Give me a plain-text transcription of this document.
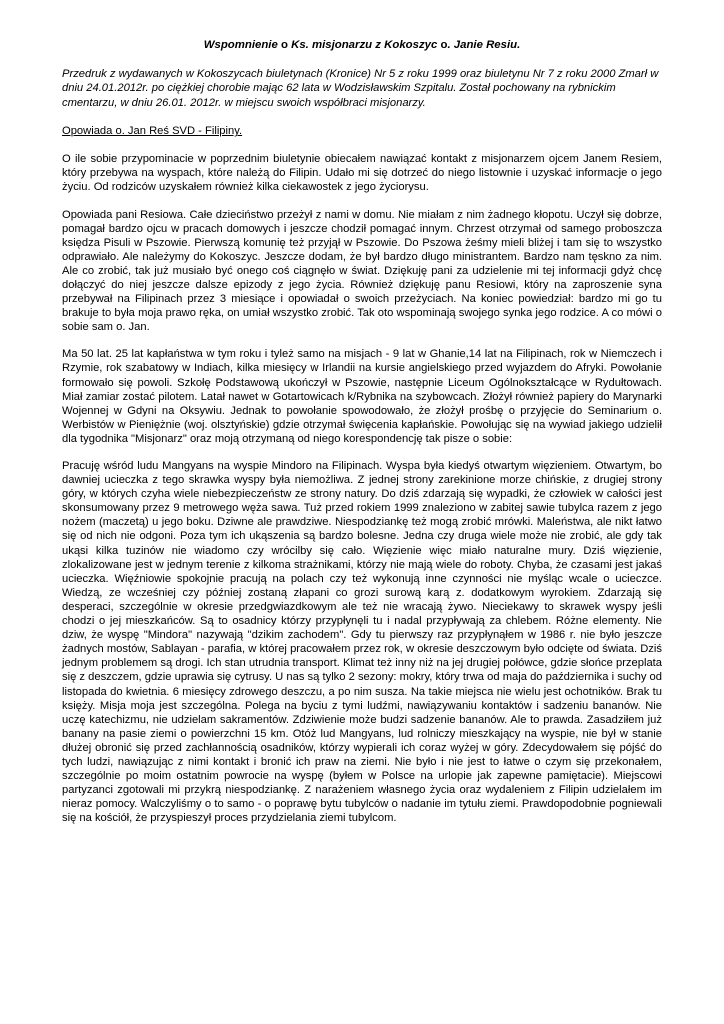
Wspomnienie o Ks. misjonarzu z Kokoszyc o. Janie Resiu.

Przedruk z wydawanych w Kokoszycach biuletynach (Kronice) Nr 5 z roku 1999 oraz biuletynu Nr 7 z roku 2000 Zmarł w dniu 24.01.2012r. po ciężkiej chorobie mając 62 lata w Wodzisławskim Szpitalu. Został pochowany na rybnickim cmentarzu, w dniu 26.01. 2012r. w miejscu swoich współbraci misjonarzy.

Opowiada o. Jan Reś SVD - Filipiny.

O ile sobie przypominacie w poprzednim biuletynie obiecałem nawiązać kontakt z misjonarzem ojcem Janem Resiem, który przebywa na wyspach, które należą do Filipin. Udało mi się dotrzeć do niego listownie i uzyskać informacje o jego życiu. Od rodziców uzyskałem również kilka ciekawostek z jego życiorysu.

Opowiada pani Resiowa. Całe dzieciństwo przeżył z nami w domu. Nie miałam z nim żadnego kłopotu. Uczył się dobrze, pomagał bardzo ojcu w pracach domowych i jeszcze chodził pomagać innym. Chrzest otrzymał od samego proboszcza księdza Pisuli w Pszowie. Pierwszą komunię też przyjął w Pszowie. Do Pszowa żeśmy mieli bliżej i tam się to wszystko odprawiało. Ale należymy do Kokoszyc. Jeszcze dodam, że był bardzo długo ministrantem. Bardzo nam tęskno za nim. Ale co zrobić, tak już musiało być onego coś ciągnęło w świat. Dziękuję pani za udzielenie mi tej informacji gdyż chcę dołączyć do niej jeszcze dalsze epizody z jego życia. Również dziękuję panu Resiowi, który na zaproszenie syna przebywał na Filipinach przez 3 miesiące i opowiadał o swoich przeżyciach. Na koniec powiedział: bardzo mi go tu brakuje to była moja prawo ręka, on umiał wszystko zrobić. Tak oto wspominają swojego synka jego rodzice. A co mówi o sobie sam o. Jan.

Ma 50 lat. 25 lat kapłaństwa w tym roku i tyleż samo na misjach - 9 lat w Ghanie,14 lat na Filipinach, rok w Niemczech i Rzymie, rok szabatowy w Indiach, kilka miesięcy w Irlandii na kursie angielskiego przed wyjazdem do Afryki. Powołanie formowało się powoli. Szkołę Podstawową ukończył w Pszowie, następnie Liceum Ogólnokształcące w Rydułtowach. Miał zamiar zostać pilotem. Latał nawet w Gotartowicach k/Rybnika na szybowcach. Złożył również papiery do Marynarki Wojennej w Gdyni na Oksywiu. Jednak to powołanie spowodowało, że złożył prośbę o przyjęcie do Seminarium o. Werbistów w Pieniężnie (woj. olsztyńskie) gdzie otrzymał święcenia kapłańskie. Powołując się na wywiad jakiego udzielił dla tygodnika "Misjonarz" oraz moją otrzymaną od niego korespondencję tak pisze o sobie:

Pracuję wśród ludu Mangyans na wyspie Mindoro na Filipinach. Wyspa była kiedyś otwartym więzieniem. Otwartym, bo dawniej ucieczka z tego skrawka wyspy była niemożliwa. Z jednej strony zarekinione morze chińskie, z drugiej strony góry, w których czyha wiele niebezpieczeństw ze strony natury. Do dziś zdarzają się wypadki, że człowiek w całości jest skonsumowany przez 9 metrowego węża sawa. Tuż przed rokiem 1999 znaleziono w zabitej sawie tubylca razem z jego nożem (maczetą) u jego boku. Dziwne ale prawdziwe. Niespodziankę też mogą zrobić mrówki. Maleństwa, ale nikt łatwo się od nich nie odgoni. Poza tym ich ukąszenia są bardzo bolesne. Jedna czy druga wiele może nie zrobić, ale gdy tak ukąsi kilka tuzinów nie wiadomo czy wrócilby się cało. Więzienie więc miało naturalne mury. Dziś więzienie, zlokalizowane jest w jednym terenie z kilkoma strażnikami, którzy nie mają wiele do roboty. Chyba, że czasami jest jakaś ucieczka. Więźniowie spokojnie pracują na polach czy też wykonują inne czynności nie myśląc wcale o ucieczce. Wiedzą, ze wcześniej czy później zostaną złapani co grozi surową karą z. dodatkowym wyrokiem. Zdarzają się desperaci, szczególnie w okresie przedgwiazdkowym ale też nie wracają żywo. Nieciekawy to skrawek wyspy jeśli chodzi o jej mieszkańców. Są to osadnicy którzy przypłynęli tu i nadal przypływają za chlebem. Różne elementy. Nie dziw, że wyspę "Mindora" nazywają "dzikim zachodem". Gdy tu pierwszy raz przypłynąłem w 1986 r. nie było jeszcze żadnych mostów, Sablayan - parafia, w której pracowałem przez rok, w okresie deszczowym było odcięte od świata. Dziś jednym problemem są drogi. Ich stan utrudnia transport. Klimat też inny niż na jej drugiej połówce, gdzie słońce przeplata się z deszczem, gdzie uprawia się cytrusy. U nas są tylko 2 sezony: mokry, który trwa od maja do października i suchy od listopada do kwietnia. 6 miesięcy zdrowego deszczu, a po nim susza. Na takie miejsca nie wielu jest ochotników. Brak tu księży. Misja moja jest szczególna. Polega na byciu z tymi ludźmi, nawiązywaniu kontaktów i sadzeniu bananów. Nie uczę katechizmu, nie udzielam sakramentów. Zdziwienie może budzi sadzenie bananów. Ale to prawda. Zasadziłem już banany na pasie ziemi o powierzchni 15 km. Otóż lud Mangyans, lud rolniczy mieszkający na wyspie, nie był w stanie dłużej obronić się przed zachłannością osadników, którzy wypierali ich coraz wyżej w góry. Zdecydowałem się pójść do tych ludzi, nawiązując z nimi kontakt i bronić ich praw na ziemi. Nie było i nie jest to łatwe o czym się przekonałem, szczególnie po moim ostatnim powrocie na wyspę (byłem w Polsce na urlopie jak zapewne pamiętacie). Miejscowi partyzanci zgotowali mi przykrą niespodziankę. Z narażeniem własnego życia oraz wydaleniem z Filipin udzielałem im nieraz pomocy. Walczyliśmy o to samo - o poprawę bytu tubylców o nadanie im tytułu ziemi. Prawdopodobnie pogniewali się na kościół, że przyspieszył proces przydzielania ziemi tubylcom.
